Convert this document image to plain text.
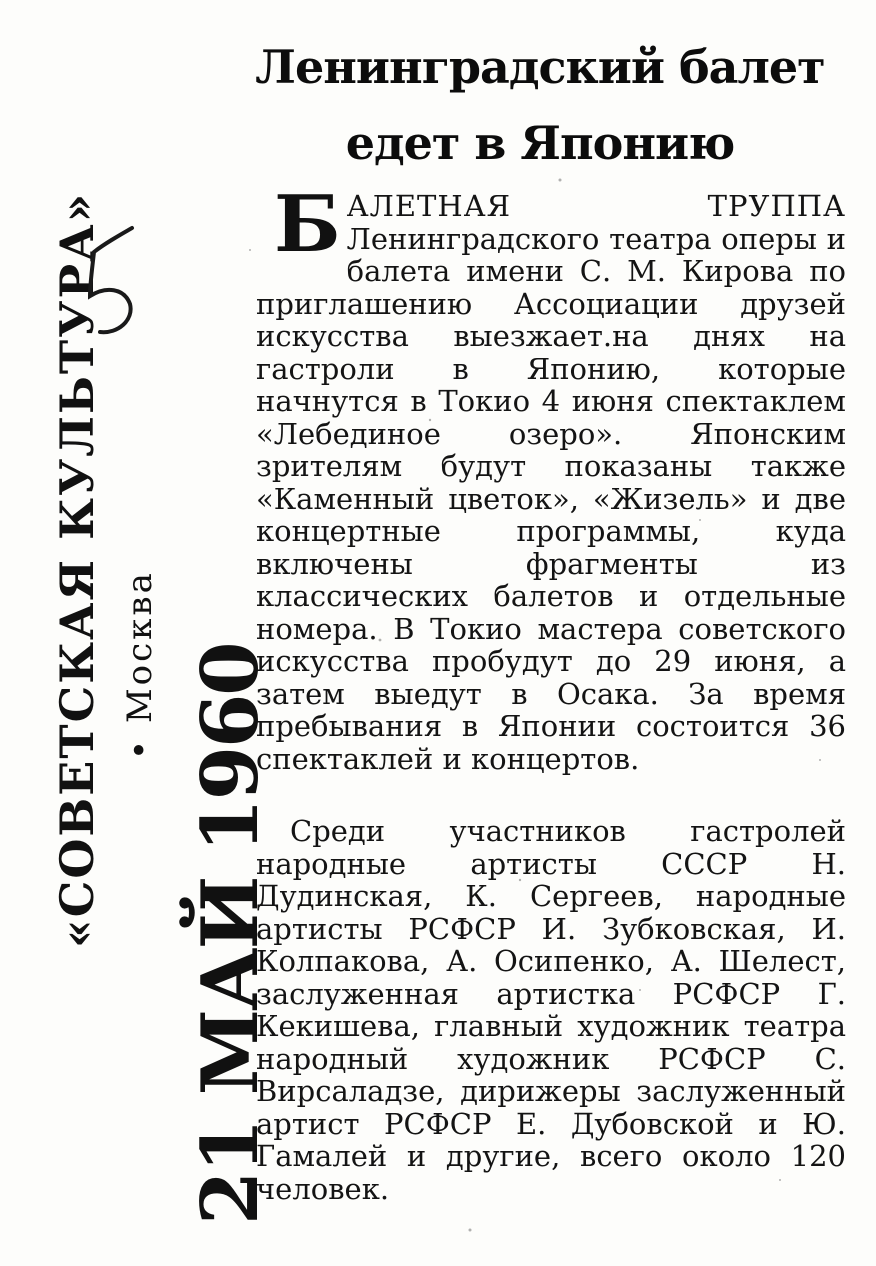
Ленинградский балет
едет в Японию
БАЛЕТНАЯ ТРУППА Ленинградского театра оперы и балета имени С. М. Кирова по приглашению Ассоциации друзей искусства выезжает.на днях на гастроли в Японию, которые начнутся в Токио 4 июня спектаклем «Лебединое озеро». Японским зрителям будут показаны также «Каменный цветок», «Жизель» и две концертные программы, куда включены фрагменты из классических балетов и отдельные номера. В Токио мастера советского искусства пробудут до 29 июня, а затем выедут в Осака. За время пребывания в Японии состоится 36 спектаклей и концертов.
Среди участников гастролей народные артисты СССР Н. Дудинская, К. Сергеев, народные артисты РСФСР И. Зубковская, И. Колпакова, А. Осипенко, А. Шелест, заслуженная артистка РСФСР Г. Кекишева, главный художник театра народный художник РСФСР С. Вирсаладзе, дирижеры заслуженный артист РСФСР Е. Дубовской и Ю. Гамалей и другие, всего около 120 человек.
«СОВЕТСКАЯ КУЛЬТУРА» • Москва 21 МАЙ 1960
